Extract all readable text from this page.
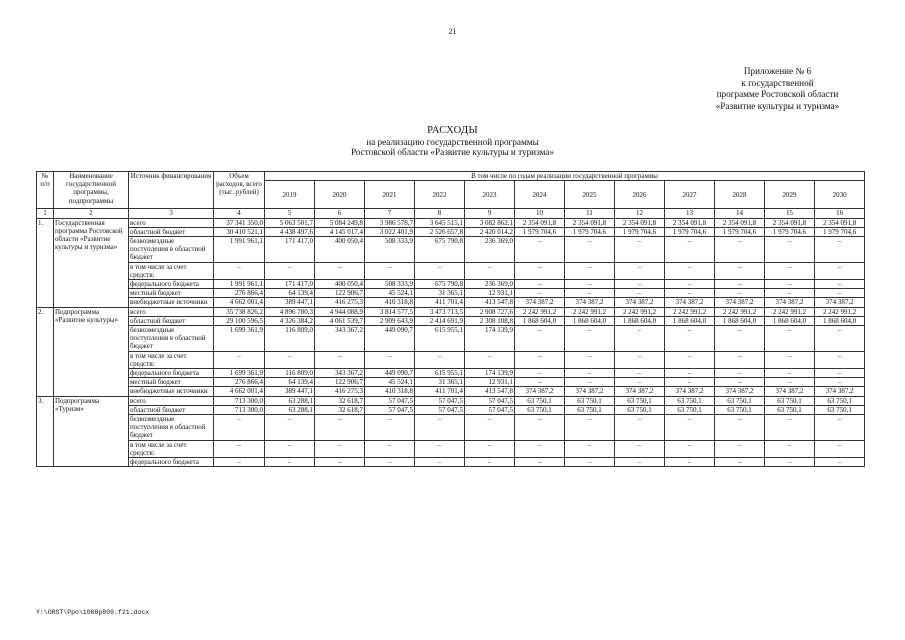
21
Приложение № 6
к государственной
программе Ростовской области
«Развитие культуры и туризма»
РАСХОДЫ
на реализацию государственной программы
Ростовской области «Развитие культуры и туризма»
№ п/п	Наименование государственной программы, подпрограммы	Источник финансирования	Объем расходов, всего (тыс. рублей)	В том числе по годам реализации государственной программы											
				2019	2020	2021	2022	2023	2024	2025	2026	2027	2028	2029	2030
1	2	3	4	5	6	7	8	9	10	11	12	13	14	15	16
1.	Государственная программа Ростовской области «Развитие культуры и туризма»	всего	37 341 350,0	5 063 501,7	5 084 249,8	3 986 578,7	3 645 515,1	3 082 862,1	2 354 091,8	2 354 091,8	2 354 091,8	2 354 091,8	2 354 091,8	2 354 091,8	2 354 091,8
		областной бюджет	30 410 521,1	4 438 497,6	4 145 017,4	3 022 401,9	2 526 657,8	2 420 014,2	1 979 704,6	1 979 704,6	1 979 704,6	1 979 704,6	1 979 704,6	1 979 704,6	1 979 704,6
		безвозмездные поступления в областной бюджет	1 991 961,1	171 417,0	400 050,4	508 333,9	675 790,8	236 369,0	–	–	–	–	–	–	–
		в том числе за счет средств:	–	–	–	–	–	–	–	–	–	–	–	–	–
		федерального бюджета	1 991 961,1	171 417,0	400 050,4	508 333,9	675 790,8	236 369,0	–	–	–	–	–	–	–
		местный бюджет	276 866,4	64 139,4	122 906,7	45 524,1	31 365,1	12 931,1	–	–	–	–	–	–	–
		внебюджетные источники	4 662 001,4	389 447,1	416 275,3	410 318,8	411 701,4	413 547,8	374 387,2	374 387,2	374 387,2	374 387,2	374 387,2	374 387,2	374 387,2
2.	Подпрограмма «Развитие культуры»	всего	35 738 826,2	4 896 780,3	4 944 088,9	3 814 577,5	3 473 713,5	2 908 727,6	2 242 991,2	2 242 991,2	2 242 991,2	2 242 991,2	2 242 991,2	2 242 991,2	2 242 991,2
		областной бюджет	29 100 596,5	4 326 384,2	4 061 539,7	2 909 643,9	2 414 691,9	2 308 108,8	1 868 604,0	1 868 604,0	1 868 604,0	1 868 604,0	1 868 604,0	1 868 604,0	1 868 604,0
		безвозмездные поступления в областной бюджет	1 699 361,9	116 809,0	343 367,2	449 090,7	615 955,1	174 139,9	–	–	–	–	–	–	–
		в том числе за счет средств:	–	–	–	–	–	–	–	–	–	–	–	–	–
		федерального бюджета	1 699 361,9	116 809,0	343 367,2	449 090,7	615 955,1	174 139,9	–	–	–	–	–	–	–
		местный бюджет	276 866,4	64 139,4	122 906,7	45 524,1	31 365,1	12 931,1	–	–	–	–	–	–	–
		внебюджетные источники	4 662 001,4	389 447,1	416 275,3	410 318,8	411 701,4	413 547,8	374 387,2	374 387,2	374 387,2	374 387,2	374 387,2	374 387,2	374 387,2
3.	Подпрограмма «Туризм»	всего	713 300,0	63 288,1	32 618,7	57 047,5	57 047,5	57 047,5	63 750,1	63 750,1	63 750,1	63 750,1	63 750,1	63 750,1	63 750,1
		областной бюджет	713 300,0	63 288,1	32 618,7	57 047,5	57 047,5	57 047,5	63 750,1	63 750,1	63 750,1	63 750,1	63 750,1	63 750,1	63 750,1
		безвозмездные поступления в областной бюджет	–	–	–	–	–	–	–	–	–	–	–	–	–
		в том числе за счет средств:	–	–	–	–	–	–	–	–	–	–	–	–	–
		федерального бюджета	–	–	–	–	–	–	–	–	–	–	–	–	–
Y:\ORST\Ppo\1008p809.f21.docx
